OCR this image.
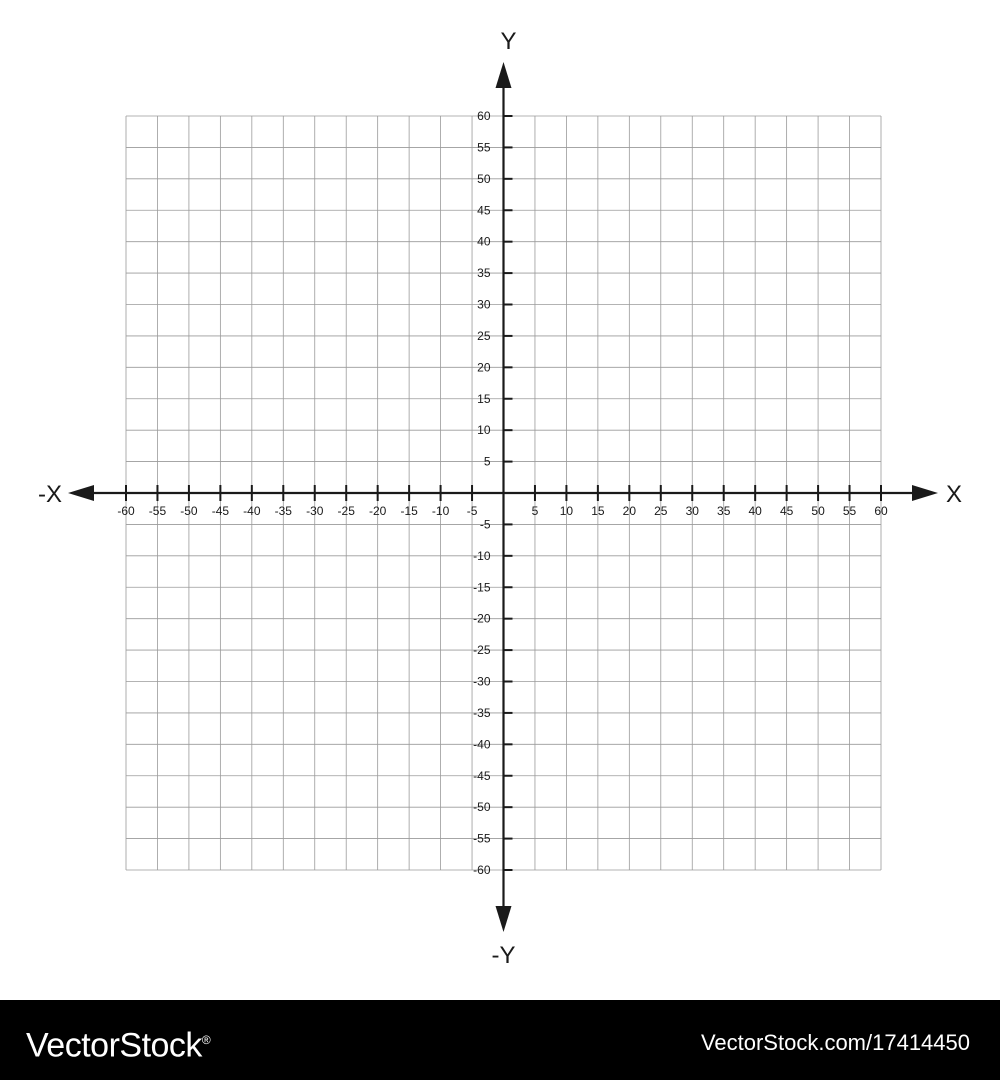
-60 -55 -50 -45 -40 -35 -30 -25 -20 -15 -10 -5	5 10 15 20 25 30 35 40 45 50 55 60
60
55
50
45
40
35
30
25
20
15
10
5
-5
-10
-15
-20
-25
-30
-35
-40
-45
-50
-55
-60
X
-X
Y
-Y
VectorStock®	VectorStock.com/17414450
